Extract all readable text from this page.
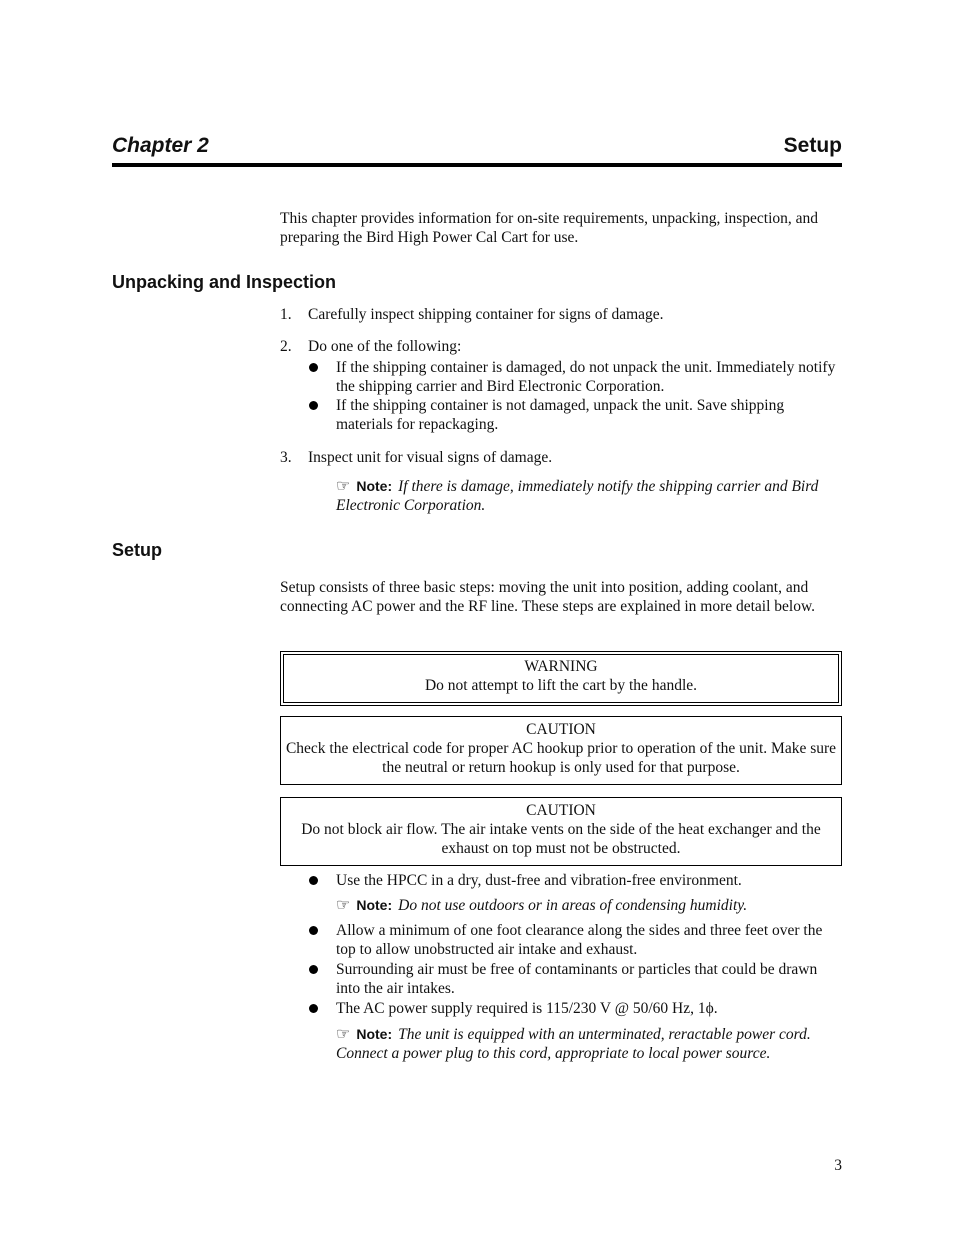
Chapter 2	Setup
This chapter provides information for on-site requirements, unpacking, inspection, and preparing the Bird High Power Cal Cart for use.
Unpacking and Inspection
1. Carefully inspect shipping container for signs of damage.
2. Do one of the following:
If the shipping container is damaged, do not unpack the unit. Immediately notify the shipping carrier and Bird Electronic Corporation.
If the shipping container is not damaged, unpack the unit. Save shipping materials for repackaging.
3. Inspect unit for visual signs of damage.
☞ Note: If there is damage, immediately notify the shipping carrier and Bird Electronic Corporation.
Setup
Setup consists of three basic steps: moving the unit into position, adding coolant, and connecting AC power and the RF line. These steps are explained in more detail below.
WARNING
Do not attempt to lift the cart by the handle.
CAUTION
Check the electrical code for proper AC hookup prior to operation of the unit. Make sure the neutral or return hookup is only used for that purpose.
CAUTION
Do not block air flow. The air intake vents on the side of the heat exchanger and the exhaust on top must not be obstructed.
Use the HPCC in a dry, dust-free and vibration-free environment.
☞ Note: Do not use outdoors or in areas of condensing humidity.
Allow a minimum of one foot clearance along the sides and three feet over the top to allow unobstructed air intake and exhaust.
Surrounding air must be free of contaminants or particles that could be drawn into the air intakes.
The AC power supply required is 115/230 V @ 50/60 Hz, 1ϕ.
☞ Note: The unit is equipped with an unterminated, reractable power cord. Connect a power plug to this cord, appropriate to local power source.
3
